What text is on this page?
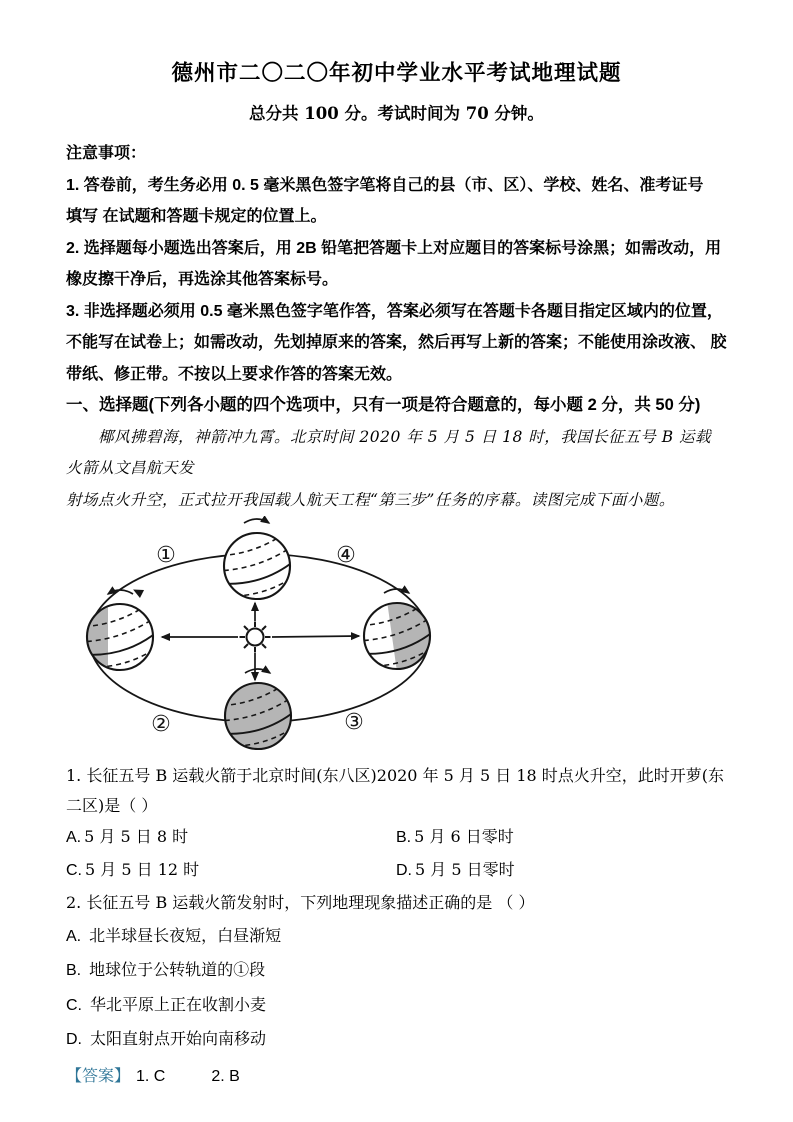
德州市二〇二〇年初中学业水平考试地理试题
总分共 100 分。考试时间为 70 分钟。
注意事项：
1. 答卷前，考生务必用 0. 5 毫米黑色签字笔将自己的县（市、区）、学校、姓名、准考证号
填写 在试题和答题卡规定的位置上。
2. 选择题每小题选出答案后，用 2B 铅笔把答题卡上对应题目的答案标号涂黑；如需改动，用
橡皮擦干净后，再选涂其他答案标号。
3. 非选择题必须用 0.5 毫米黑色签字笔作答，答案必须写在答题卡各题目指定区域内的位置，
不能写在试卷上；如需改动，先划掉原来的答案，然后再写上新的答案；不能使用涂改液、 胶
带纸、修正带。不按以上要求作答的答案无效。
一、选择题(下列各小题的四个选项中，只有一项是符合题意的，每小题 2 分，共 50 分)
椰风拂碧海，神箭冲九霄。北京时间 2020 年 5 月 5 日 18 时，我国长征五号 B 运载火箭从文昌航天发
射场点火升空，正式拉开我国载人航天工程“第三步”任务的序幕。读图完成下面小题。
①
②	③
④
1. 长征五号 B 运载火箭于北京时间(东八区)2020 年 5 月 5 日 18 时点火升空，此时开萝(东二区)是（ ）
A. 5 月 5 日 8 时	B. 5 月 6 日零时
C. 5 月 5 日 12 时	D. 5 月 5 日零时
2. 长征五号 B 运载火箭发射时，下列地理现象描述正确的是 （ ）
A. 北半球昼长夜短，白昼渐短
B. 地球位于公转轨道的①段
C. 华北平原上正在收割小麦
D. 太阳直射点开始向南移动
【答案】 1. C	2. B
